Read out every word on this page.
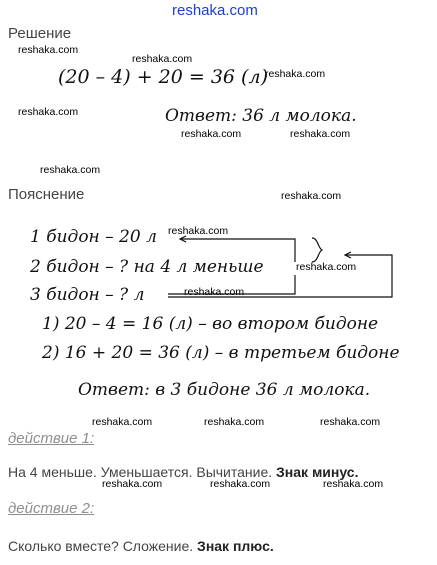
reshaka.com
Решение
(20 – 4) + 20 = 36 (л)
Ответ: 36 л молока.
Пояснение
1 бидон – 20 л
2 бидон – ? на 4 л меньше
3 бидон – ? л
1) 20 – 4 = 16 (л) – во втором бидоне
2) 16 + 20 = 36 (л) – в третьем бидоне
Ответ: в 3 бидоне 36 л молока.
действие 1:
На 4 меньше. Уменьшается. Вычитание. Знак минус.
действие 2:
Сколько вместе? Сложение. Знак плюс.
reshaka.com
reshaka.com
reshaka.com
reshaka.com
reshaka.com	reshaka.com
reshaka.com
reshaka.com
reshaka.com
reshaka.com
reshaka.com
reshaka.com	reshaka.com	reshaka.com
reshaka.com	reshaka.com	reshaka.com
